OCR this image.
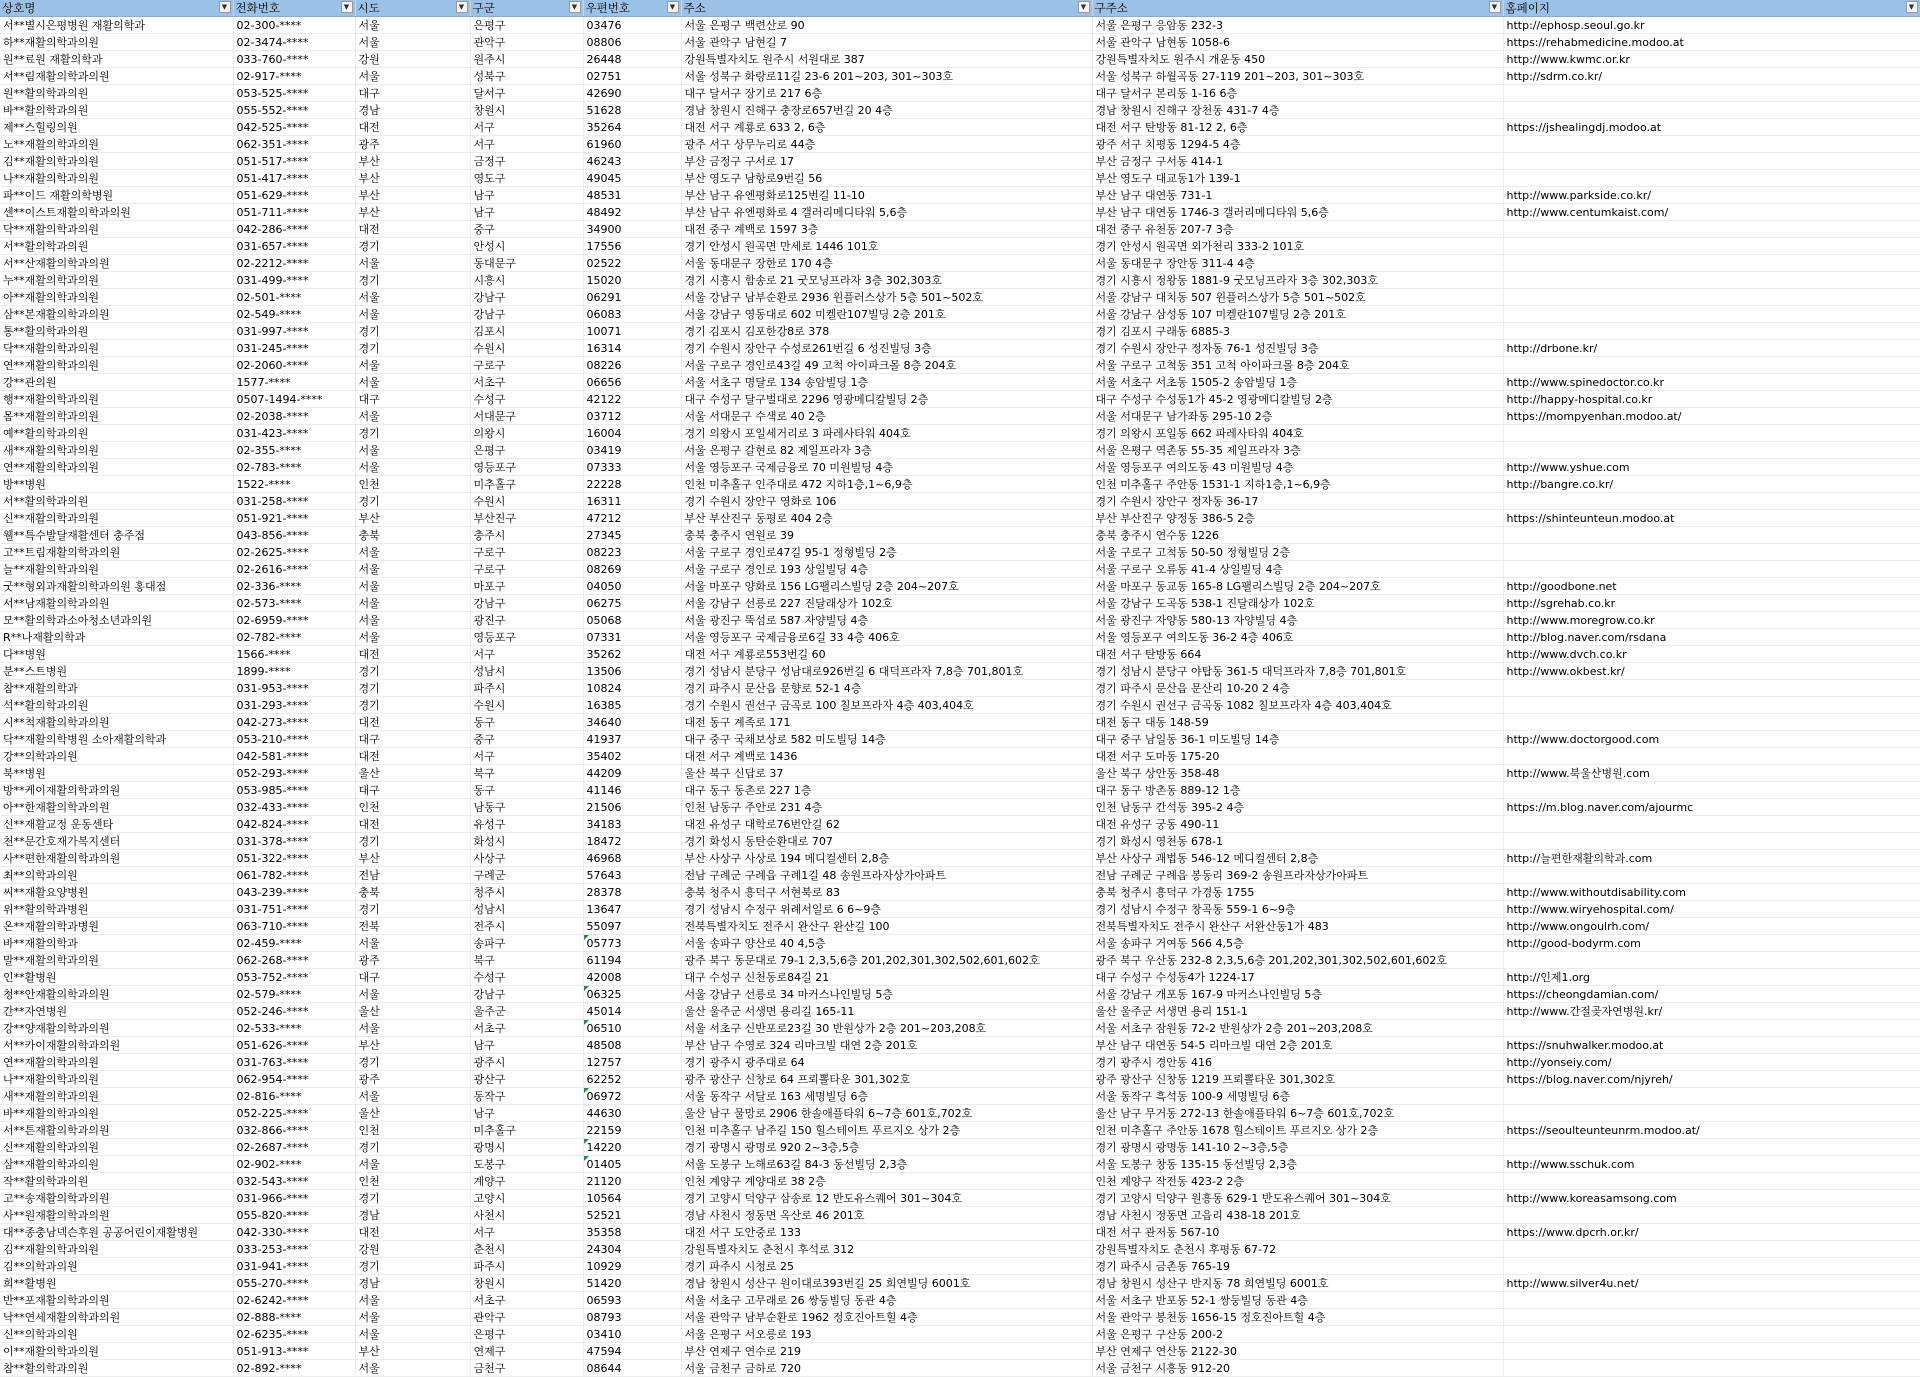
상호명 ▼	전화번호 ▼	시도 ▼	구군 ▼	우편번호 ▼	주소 ▼	구주소 ▼	홈페이지 ▼

서**별시은평병원 재활의학과	02-300-****	서울	은평구	03476	서울 은평구 백련산로 90	서울 은평구 응암동 232-3	http://ephosp.seoul.go.kr
하**재활의학과의원	02-3474-****	서울	관악구	08806	서울 관악구 남현길 7	서울 관악구 남현동 1058-6	https://rehabmedicine.modoo.at
원**료원 재활의학과	033-760-****	강원	원주시	26448	강원특별자치도 원주시 서원대로 387	강원특별자치도 원주시 개운동 450	http://www.kwmc.or.kr
서**림재활의학과의원	02-917-****	서울	성북구	02751	서울 성북구 화랑로11길 23-6 201~203, 301~303호	서울 성북구 하월곡동 27-119 201~203, 301~303호	http://sdrm.co.kr/
원**활의학과의원	053-525-****	대구	달서구	42690	대구 달서구 장기로 217 6층	대구 달서구 본리동 1-16 6층	
바**활의학과의원	055-552-****	경남	창원시	51628	경남 창원시 진해구 충장로657번길 20 4층	경남 창원시 진해구 장천동 431-7 4층	
제**스힐링의원	042-525-****	대전	서구	35264	대전 서구 계룡로 633 2, 6층	대전 서구 탄방동 81-12 2, 6층	https://jshealingdj.modoo.at
노**재활의학과의원	062-351-****	광주	서구	61960	광주 서구 상무누리로 44층	광주 서구 치평동 1294-5 4층	
김**재활의학과의원	051-517-****	부산	금정구	46243	부산 금정구 구서로 17	부산 금정구 구서동 414-1	
나**재활의학과의원	051-417-****	부산	영도구	49045	부산 영도구 남항로9번길 56	부산 영도구 대교동1가 139-1	
파**이드 재활의학병원	051-629-****	부산	남구	48531	부산 남구 유엔평화로125번길 11-10	부산 남구 대연동 731-1	http://www.parkside.co.kr/
센**이스트재활의학과의원	051-711-****	부산	남구	48492	부산 남구 유엔평화로 4 갤러리메디타워 5,6층	부산 남구 대연동 1746-3 갤러리메디타워 5,6층	http://www.centumkaist.com/
닥**재활의학과의원	042-286-****	대전	중구	34900	대전 중구 계백로 1597 3층	대전 중구 유천동 207-7 3층	
서**활의학과의원	031-657-****	경기	안성시	17556	경기 안성시 원곡면 만세로 1446 101호	경기 안성시 원곡면 외가천리 333-2 101호	
서**산재활의학과의원	02-2212-****	서울	동대문구	02522	서울 동대문구 장한로 170 4층	서울 동대문구 장안동 311-4 4층	
누**재활의학과의원	031-499-****	경기	시흥시	15020	경기 시흥시 함송로 21 굿모닝프라자 3층 302,303호	경기 시흥시 정왕동 1881-9 굿모닝프라자 3층 302,303호	
아**재활의학과의원	02-501-****	서울	강남구	06291	서울 강남구 남부순환로 2936 윈플러스상가 5층 501~502호	서울 강남구 대치동 507 윈플러스상가 5층 501~502호	
삼**본재활의학과의원	02-549-****	서울	강남구	06083	서울 강남구 영동대로 602 미켈란107빌딩 2층 201호	서울 강남구 삼성동 107 미켈란107빌딩 2층 201호	
통**활의학과의원	031-997-****	경기	김포시	10071	경기 김포시 김포한강8로 378	경기 김포시 구래동 6885-3	
닥**재활의학과의원	031-245-****	경기	수원시	16314	경기 수원시 장안구 수성로261번길 6 성진빌딩 3층	경기 수원시 장안구 정자동 76-1 성진빌딩 3층	http://drbone.kr/
연**재활의학과의원	02-2060-****	서울	구로구	08226	서울 구로구 경인로43길 49 고척 아이파크몰 8층 204호	서울 구로구 고척동 351 고척 아이파크몰 8층 204호	
강**관의원	1577-****	서울	서초구	06656	서울 서초구 명달로 134 송암빌딩 1층	서울 서초구 서초동 1505-2 송암빌딩 1층	http://www.spinedoctor.co.kr
행**재활의학과의원	0507-1494-****	대구	수성구	42122	대구 수성구 달구벌대로 2296 영광메디칼빌딩 2층	대구 수성구 수성동1가 45-2 영광메디칼빌딩 2층	http://happy-hospital.co.kr
몸**재활의학과의원	02-2038-****	서울	서대문구	03712	서울 서대문구 수색로 40 2층	서울 서대문구 남가좌동 295-10 2층	https://mompyenhan.modoo.at/
예**활의학과의원	031-423-****	경기	의왕시	16004	경기 의왕시 포일세거리로 3 파레사타워 404호	경기 의왕시 포일동 662 파레사타워 404호	
새**재활의학과의원	02-355-****	서울	은평구	03419	서울 은평구 갈현로 82 제일프라자 3층	서울 은평구 역촌동 55-35 제일프라자 3층	
연**재활의학과의원	02-783-****	서울	영등포구	07333	서울 영등포구 국제금융로 70 미원빌딩 4층	서울 영등포구 여의도동 43 미원빌딩 4층	http://www.yshue.com
방**병원	1522-****	인천	미추홀구	22228	인천 미추홀구 인주대로 472 지하1층,1~6,9층	인천 미추홀구 주안동 1531-1 지하1층,1~6,9층	http://bangre.co.kr/
서**활의학과의원	031-258-****	경기	수원시	16311	경기 수원시 장안구 영화로 106	경기 수원시 장안구 정자동 36-17	
신**재활의학과의원	051-921-****	부산	부산진구	47212	부산 부산진구 동평로 404 2층	부산 부산진구 양정동 386-5 2층	https://shinteunteun.modoo.at
웰**특수발달재활센터 충주점	043-856-****	충북	충주시	27345	충북 충주시 연원로 39	충북 충주시 연수동 1226	
고**트림재활의학과의원	02-2625-****	서울	구로구	08223	서울 구로구 경인로47길 95-1 정형빌딩 2층	서울 구로구 고척동 50-50 정형빌딩 2층	
늘**재활의학과의원	02-2616-****	서울	구로구	08269	서울 구로구 경인로 193 상일빌딩 4층	서울 구로구 오류동 41-4 상일빌딩 4층	
굿**형외과재활의학과의원 홍대점	02-336-****	서울	마포구	04050	서울 마포구 양화로 156 LG팰리스빌딩 2층 204~207호	서울 마포구 동교동 165-8 LG팰리스빌딩 2층 204~207호	http://goodbone.net
서**남재활의학과의원	02-573-****	서울	강남구	06275	서울 강남구 선릉로 227 진달래상가 102호	서울 강남구 도곡동 538-1 진달래상가 102호	http://sgrehab.co.kr
모**활의학과소아청소년과의원	02-6959-****	서울	광진구	05068	서울 광진구 뚝섬로 587 자양빌딩 4층	서울 광진구 자양동 580-13 자양빌딩 4층	http://www.moregrow.co.kr
R**나재활의학과	02-782-****	서울	영등포구	07331	서울 영등포구 국제금융로6길 33 4층 406호	서울 영등포구 여의도동 36-2 4층 406호	http://blog.naver.com/rsdana
다**병원	1566-****	대전	서구	35262	대전 서구 계룡로553번길 60	대전 서구 탄방동 664	http://www.dvch.co.kr
분**스트병원	1899-****	경기	성남시	13506	경기 성남시 분당구 성남대로926번길 6 대덕프라자 7,8층 701,801호	경기 성남시 분당구 야탑동 361-5 대덕프라자 7,8층 701,801호	http://www.okbest.kr/
참**재활의학과	031-953-****	경기	파주시	10824	경기 파주시 문산읍 문향로 52-1 4층	경기 파주시 문산읍 문산리 10-20 2 4층	
석**활의학과의원	031-293-****	경기	수원시	16385	경기 수원시 권선구 금곡로 100 칠보프라자 4층 403,404호	경기 수원시 권선구 금곡동 1082 칠보프라자 4층 403,404호	
시**척재활의학과의원	042-273-****	대전	동구	34640	대전 동구 계족로 171	대전 동구 대동 148-59	
닥**재활의학병원 소아재활의학과	053-210-****	대구	중구	41937	대구 중구 국채보상로 582 미도빌딩 14층	대구 중구 남일동 36-1 미도빌딩 14층	http://www.doctorgood.com
강**의학과의원	042-581-****	대전	서구	35402	대전 서구 계백로 1436	대전 서구 도마동 175-20	
북**병원	052-293-****	울산	북구	44209	울산 북구 신답로 37	울산 북구 상안동 358-48	http://www.북울산병원.com
방**케이재활의학과의원	053-985-****	대구	동구	41146	대구 동구 동촌로 227 1층	대구 동구 방촌동 889-12 1층	
아**한재활의학과의원	032-433-****	인천	남동구	21506	인천 남동구 주안로 231 4층	인천 남동구 간석동 395-2 4층	https://m.blog.naver.com/ajourmc
신**재활교정 운동센타	042-824-****	대전	유성구	34183	대전 유성구 대학로76번안길 62	대전 유성구 궁동 490-11	
천**문간호재가복지센터	031-378-****	경기	화성시	18472	경기 화성시 동탄순환대로 707	경기 화성시 영천동 678-1	
사**편한재활의학과의원	051-322-****	부산	사상구	46968	부산 사상구 사상로 194 메디컬센터 2,8층	부산 사상구 괘법동 546-12 메디컬센터 2,8층	http://늘편한재활의학과.com
최**의학과의원	061-782-****	전남	구례군	57643	전남 구례군 구례읍 구례1길 48 송원프라자상가아파트	전남 구례군 구례읍 봉동리 369-2 송원프라자상가아파트	
씨**재활요양병원	043-239-****	충북	청주시	28378	충북 청주시 흥덕구 서현북로 83	충북 청주시 흥덕구 가경동 1755	http://www.withoutdisability.com
위**활의학과병원	031-751-****	경기	성남시	13647	경기 성남시 수정구 위례서일로 6 6~9층	경기 성남시 수정구 창곡동 559-1 6~9층	http://www.wiryehospital.com/
온**재활의학과병원	063-710-****	전북	전주시	55097	전북특별자치도 전주시 완산구 완산길 100	전북특별자치도 전주시 완산구 서완산동1가 483	http://www.ongoulrh.com/
바**재활의학과	02-459-****	서울	송파구	05773	서울 송파구 양산로 40 4,5층	서울 송파구 거여동 566 4,5층	http://good-bodyrm.com
말**재활의학과의원	062-268-****	광주	북구	61194	광주 북구 동문대로 79-1 2,3,5,6층 201,202,301,302,502,601,602호	광주 북구 우산동 232-8 2,3,5,6층 201,202,301,302,502,601,602호	
인**활병원	053-752-****	대구	수성구	42008	대구 수성구 신천동로84길 21	대구 수성구 수성동4가 1224-17	http://인제1.org
청**안재활의학과의원	02-579-****	서울	강남구	06325	서울 강남구 선릉로 34 마커스나인빌딩 5층	서울 강남구 개포동 167-9 마커스나인빌딩 5층	https://cheongdamian.com/
간**자연병원	052-246-****	울산	울주군	45014	울산 울주군 서생면 용리길 165-11	울산 울주군 서생면 용리 151-1	http://www.간절곶자연병원.kr/
강**양재활의학과의원	02-533-****	서울	서초구	06510	서울 서초구 신반포로23길 30 반원상가 2층 201~203,208호	서울 서초구 잠원동 72-2 반원상가 2층 201~203,208호	
서**카이재활의학과의원	051-626-****	부산	남구	48508	부산 남구 수영로 324 리마크빌 대연 2층 201호	부산 남구 대연동 54-5 리마크빌 대연 2층 201호	https://snuhwalker.modoo.at
연**재활의학과의원	031-763-****	경기	광주시	12757	경기 광주시 광주대로 64	경기 광주시 경안동 416	http://yonseiy.com/
나**재활의학과의원	062-954-****	광주	광산구	62252	광주 광산구 신창로 64 프뢰뽈타운 301,302호	광주 광산구 신창동 1219 프뢰뽈타운 301,302호	https://blog.naver.com/njyreh/
새**재활의학과의원	02-816-****	서울	동작구	06972	서울 동작구 서달로 163 세명빌딩 6층	서울 동작구 흑석동 100-9 세명빌딩 6층	
바**재활의학과의원	052-225-****	울산	남구	44630	울산 남구 물망로 2906 한솔애플타워 6~7층 601호,702호	울산 남구 무거동 272-13 한솔애플타워 6~7층 601호,702호	
서**튼재활의학과의원	032-866-****	인천	미추홀구	22159	인천 미추홀구 남주길 150 힐스테이트 푸르지오 상가 2층	인천 미추홀구 주안동 1678 힐스테이트 푸르지오 상가 2층	https://seoulteunteunrm.modoo.at/
신**재활의학과의원	02-2687-****	경기	광명시	14220	경기 광명시 광명로 920 2~3층,5층	경기 광명시 광명동 141-10 2~3층,5층	
삼**재활의학과의원	02-902-****	서울	도봉구	01405	서울 도봉구 노해로63길 84-3 동선빌딩 2,3층	서울 도봉구 창동 135-15 동선빌딩 2,3층	http://www.sschuk.com
작**활의학과의원	032-543-****	인천	계양구	21120	인천 계양구 계양대로 38 2층	인천 계양구 작전동 423-2 2층	
고**송재활의학과의원	031-966-****	경기	고양시	10564	경기 고양시 덕양구 삼송로 12 반도유스퀘어 301~304호	경기 고양시 덕양구 원흥동 629-1 반도유스퀘어 301~304호	http://www.koreasamsong.com
사**원재활의학과의원	055-820-****	경남	사천시	52521	경남 사천시 정동면 옥산로 46 201호	경남 사천시 정동면 고읍리 438-18 201호	
대**종충남넥슨후원 공공어린이재활병원	042-330-****	대전	서구	35358	대전 서구 도안중로 133	대전 서구 관저동 567-10	https://www.dpcrh.or.kr/
김**재활의학과의원	033-253-****	강원	춘천시	24304	강원특별자치도 춘천시 후석로 312	강원특별자치도 춘천시 후평동 67-72	
김**의학과의원	031-941-****	경기	파주시	10929	경기 파주시 시청로 25	경기 파주시 금촌동 765-19	
희**활병원	055-270-****	경남	창원시	51420	경남 창원시 성산구 원이대로393번길 25 희연빌딩 6001호	경남 창원시 성산구 반지동 78 희연빌딩 6001호	http://www.silver4u.net/
반**포재활의학과의원	02-6242-****	서울	서초구	06593	서울 서초구 고무래로 26 쌍둥빌딩 동관 4층	서울 서초구 반포동 52-1 쌍둥빌딩 동관 4층	
낙**연세재활의학과의원	02-888-****	서울	관악구	08793	서울 관악구 남부순환로 1962 정호진아트힐 4층	서울 관악구 봉천동 1656-15 정호진아트힐 4층	
신**의학과의원	02-6235-****	서울	은평구	03410	서울 은평구 서오릉로 193	서울 은평구 구산동 200-2	
이**재활의학과의원	051-913-****	부산	연제구	47594	부산 연제구 연수로 219	부산 연제구 연산동 2122-30	
참**활의학과의원	02-892-****	서울	금천구	08644	서울 금천구 금하로 720	서울 금천구 시흥동 912-20	
